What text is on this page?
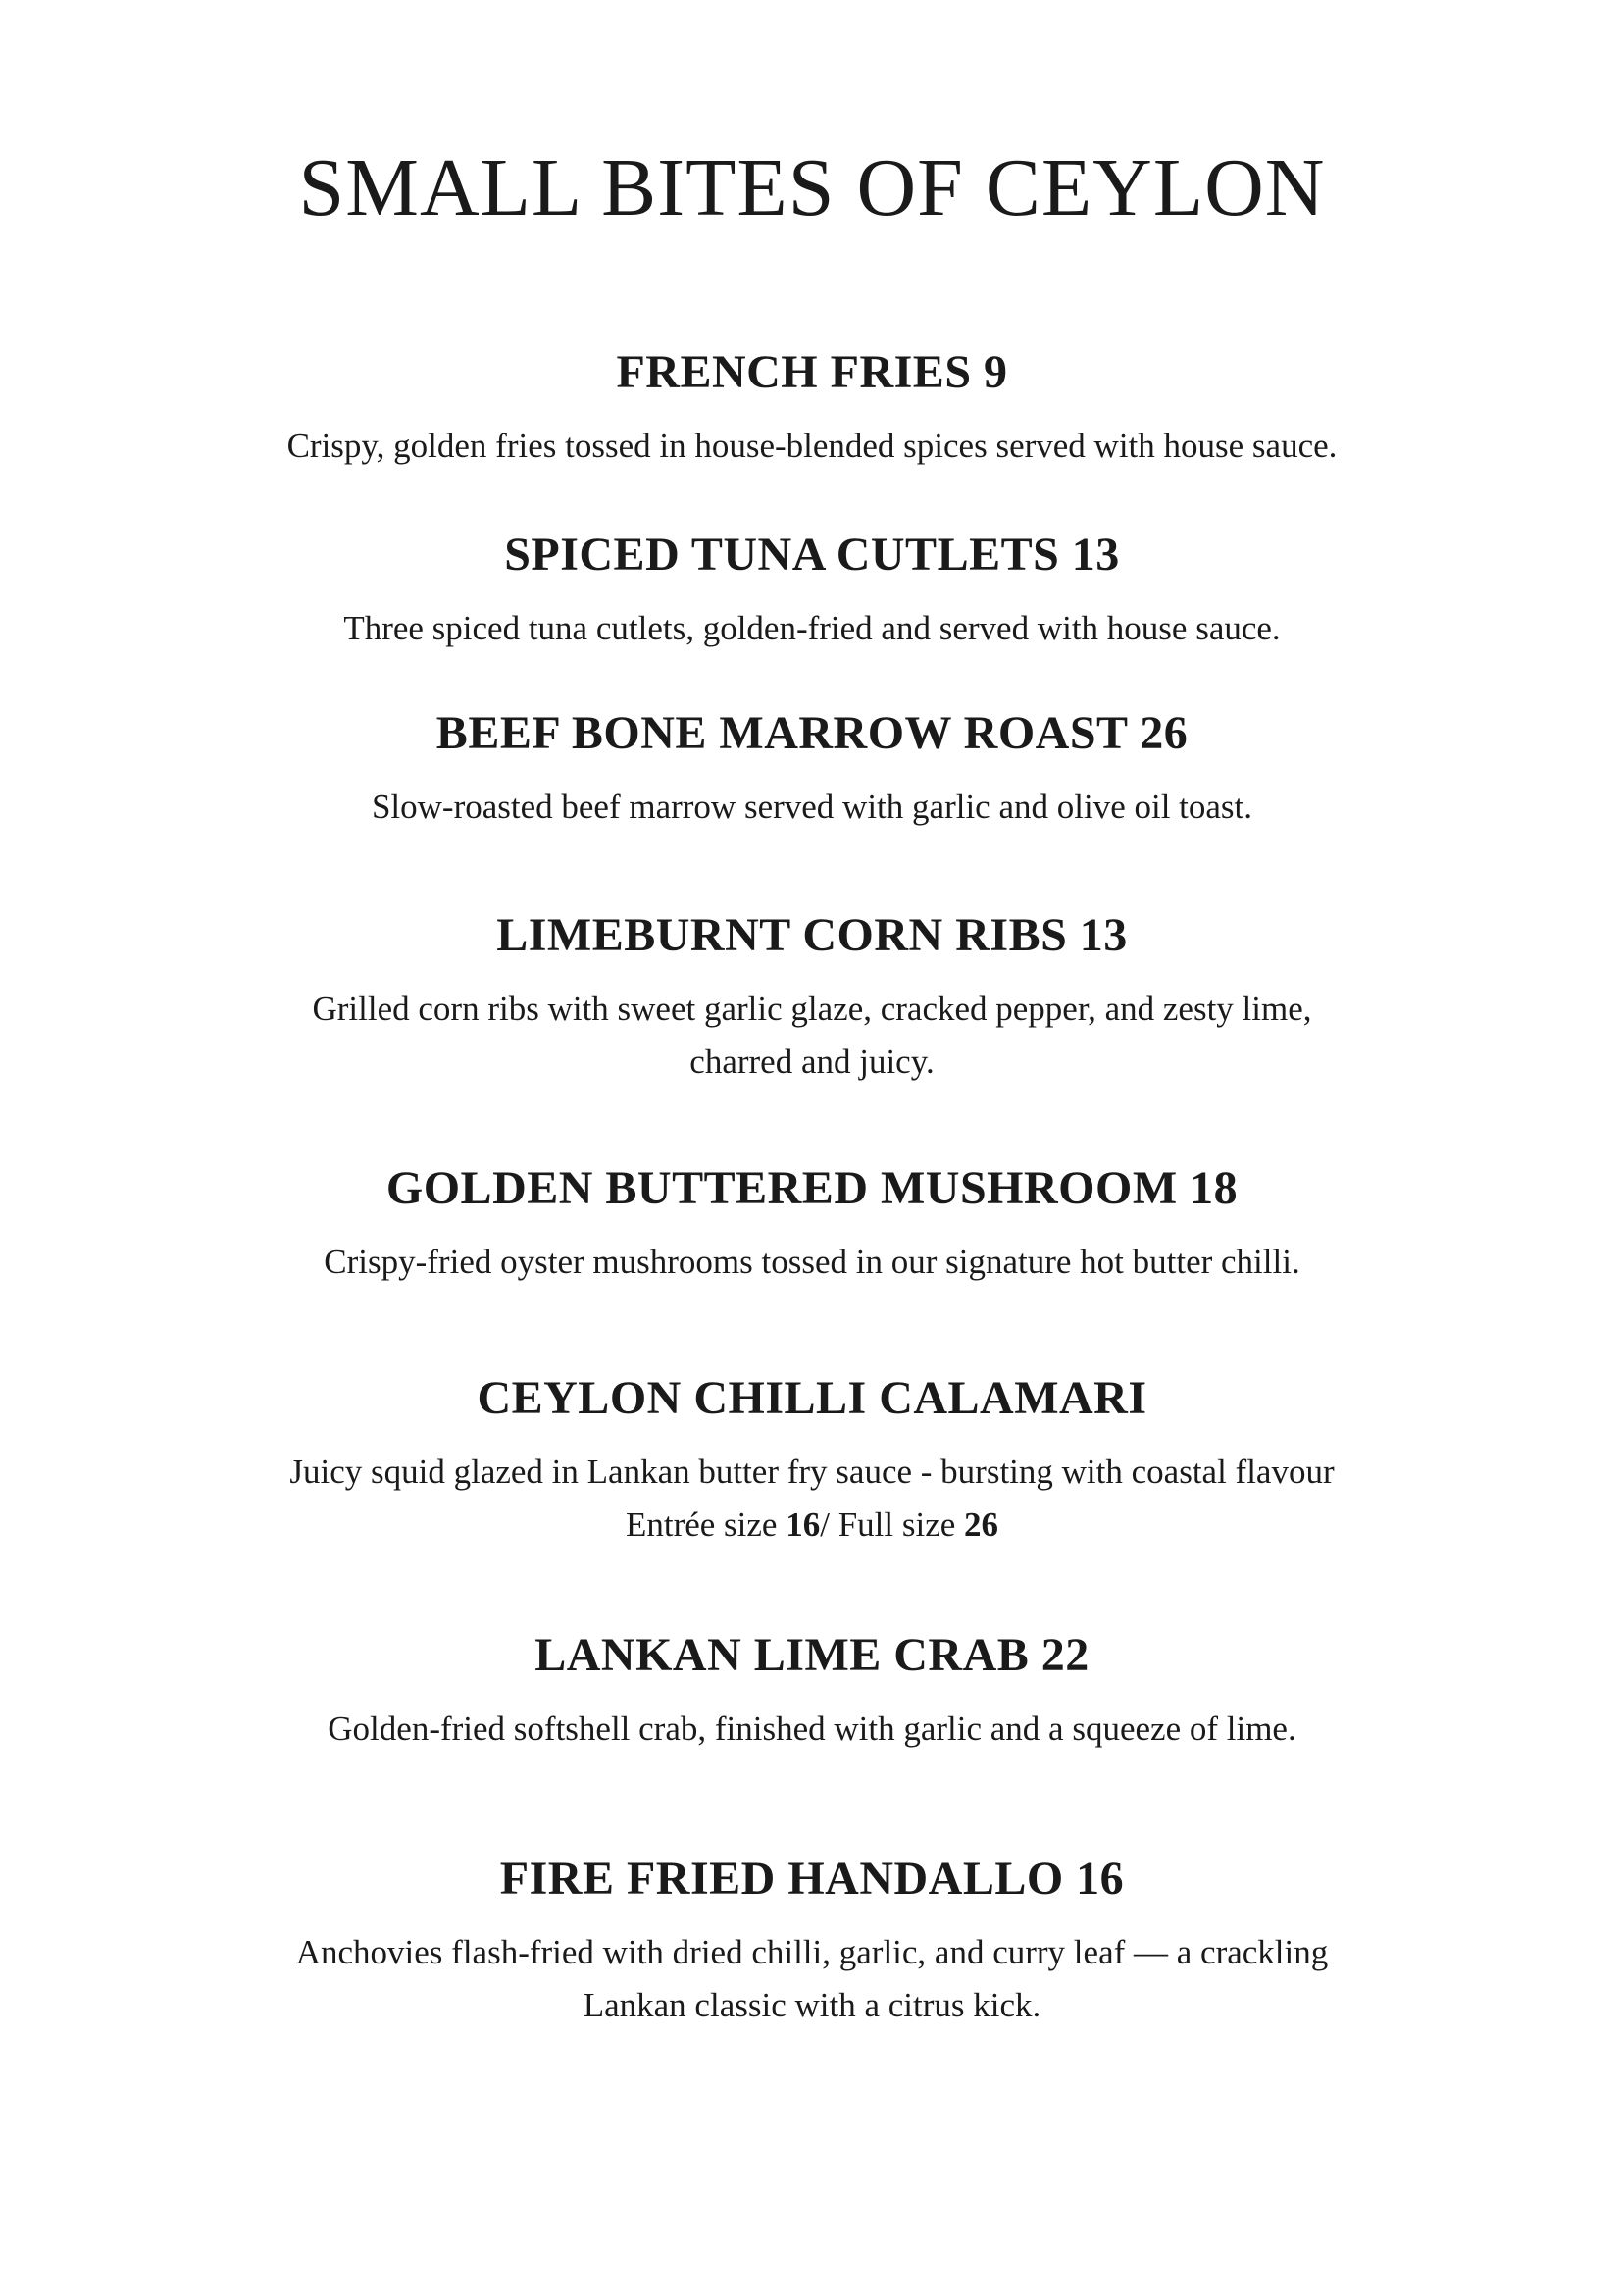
SMALL BITES OF CEYLON
FRENCH FRIES 9

Crispy, golden fries tossed in house-blended spices served with house sauce.

SPICED TUNA CUTLETS 13

Three spiced tuna cutlets, golden-fried and served with house sauce.

BEEF BONE MARROW ROAST 26

Slow-roasted beef marrow served with garlic and olive oil toast.

LIMEBURNT CORN RIBS 13

Grilled corn ribs with sweet garlic glaze, cracked pepper, and zesty lime,
charred and juicy.

GOLDEN BUTTERED MUSHROOM 18

Crispy-fried oyster mushrooms tossed in our signature hot butter chilli.

CEYLON CHILLI CALAMARI

Juicy squid glazed in Lankan butter fry sauce - bursting with coastal flavour
Entrée size 16/ Full size 26

LANKAN LIME CRAB 22

Golden-fried softshell crab, finished with garlic and a squeeze of lime.

FIRE FRIED HANDALLO 16

Anchovies flash-fried with dried chilli, garlic, and curry leaf — a crackling
Lankan classic with a citrus kick.
